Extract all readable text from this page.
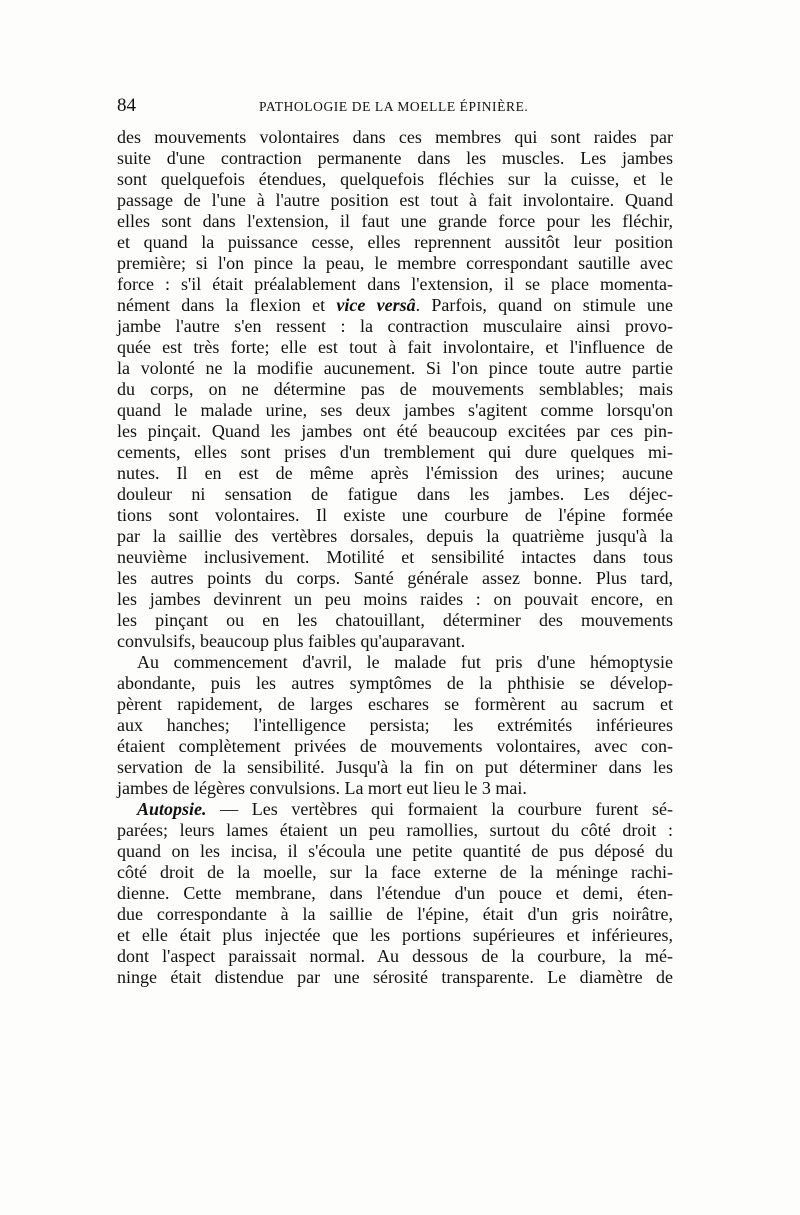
84	PATHOLOGIE DE LA MOELLE ÉPINIÈRE.
des mouvements volontaires dans ces membres qui sont raides par
suite d'une contraction permanente dans les muscles. Les jambes
sont quelquefois étendues, quelquefois fléchies sur la cuisse, et le
passage de l'une à l'autre position est tout à fait involontaire. Quand
elles sont dans l'extension, il faut une grande force pour les fléchir,
et quand la puissance cesse, elles reprennent aussitôt leur position
première; si l'on pince la peau, le membre correspondant sautille avec
force : s'il était préalablement dans l'extension, il se place momenta-
nément dans la flexion et vice versâ. Parfois, quand on stimule une
jambe l'autre s'en ressent : la contraction musculaire ainsi provo-
quée est très forte; elle est tout à fait involontaire, et l'influence de
la volonté ne la modifie aucunement. Si l'on pince toute autre partie
du corps, on ne détermine pas de mouvements semblables; mais
quand le malade urine, ses deux jambes s'agitent comme lorsqu'on
les pinçait. Quand les jambes ont été beaucoup excitées par ces pin-
cements, elles sont prises d'un tremblement qui dure quelques mi-
nutes. Il en est de même après l'émission des urines; aucune
douleur ni sensation de fatigue dans les jambes. Les déjec-
tions sont volontaires. Il existe une courbure de l'épine formée
par la saillie des vertèbres dorsales, depuis la quatrième jusqu'à la
neuvième inclusivement. Motilité et sensibilité intactes dans tous
les autres points du corps. Santé générale assez bonne. Plus tard,
les jambes devinrent un peu moins raides : on pouvait encore, en
les pinçant ou en les chatouillant, déterminer des mouvements
convulsifs, beaucoup plus faibles qu'auparavant.
Au commencement d'avril, le malade fut pris d'une hémoptysie
abondante, puis les autres symptômes de la phthisie se dévelop-
pèrent rapidement, de larges eschares se formèrent au sacrum et
aux hanches; l'intelligence persista; les extrémités inférieures
étaient complètement privées de mouvements volontaires, avec con-
servation de la sensibilité. Jusqu'à la fin on put déterminer dans les
jambes de légères convulsions. La mort eut lieu le 3 mai.
Autopsie. — Les vertèbres qui formaient la courbure furent sé-
parées; leurs lames étaient un peu ramollies, surtout du côté droit :
quand on les incisa, il s'écoula une petite quantité de pus déposé du
côté droit de la moelle, sur la face externe de la méninge rachi-
dienne. Cette membrane, dans l'étendue d'un pouce et demi, éten-
due correspondante à la saillie de l'épine, était d'un gris noirâtre,
et elle était plus injectée que les portions supérieures et inférieures,
dont l'aspect paraissait normal. Au dessous de la courbure, la mé-
ninge était distendue par une sérosité transparente. Le diamètre de
